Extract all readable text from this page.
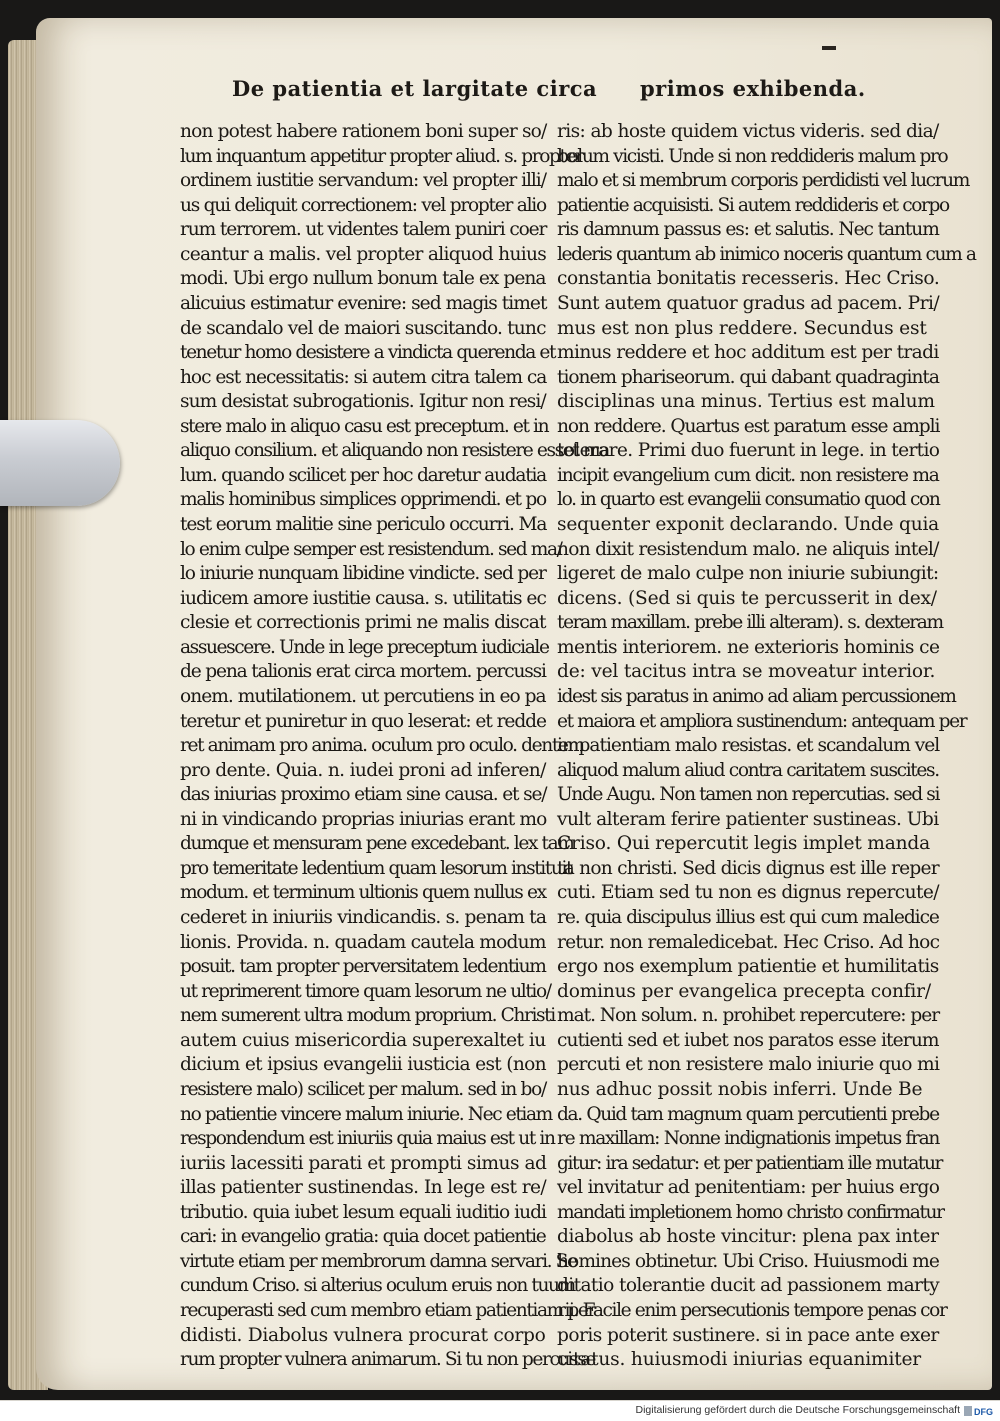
De patientia et largitate circa primos exhibenda.
non potest habere rationem boni super so/
lum inquantum appetitur propter aliud. s. propter
ordinem iustitie servandum: vel propter illi/
us qui deliquit correctionem: vel propter alio
rum terrorem. ut videntes talem puniri coer
ceantur a malis. vel propter aliquod huius
modi. Ubi ergo nullum bonum tale ex pena
alicuius estimatur evenire: sed magis timet
de scandalo vel de maiori suscitando. tunc
tenetur homo desistere a vindicta querenda et
hoc est necessitatis: si autem citra talem ca
sum desistat subrogationis. Igitur non resi/
stere malo in aliquo casu est preceptum. et in
aliquo consilium. et aliquando non resistere esset ma
lum. quando scilicet per hoc daretur audatia
malis hominibus simplices opprimendi. et po
test eorum malitie sine periculo occurri. Ma
lo enim culpe semper est resistendum. sed ma/
lo iniurie nunquam libidine vindicte. sed per
iudicem amore iustitie causa. s. utilitatis ec
clesie et correctionis primi ne malis discat
assuescere. Unde in lege preceptum iudiciale
de pena talionis erat circa mortem. percussi
onem. mutilationem. ut percutiens in eo pa
teretur et puniretur in quo leserat: et redde
ret animam pro anima. oculum pro oculo. dentem
pro dente. Quia. n. iudei proni ad inferen/
das iniurias proximo etiam sine causa. et se/
ni in vindicando proprias iniurias erant mo
dumque et mensuram pene excedebant. lex tam
pro temeritate ledentium quam lesorum instituit
modum. et terminum ultionis quem nullus ex
cederet in iniuriis vindicandis. s. penam ta
lionis. Provida. n. quadam cautela modum
posuit. tam propter perversitatem ledentium
ut reprimerent timore quam lesorum ne ultio/
nem sumerent ultra modum proprium. Christi
autem cuius misericordia superexaltet iu
dicium et ipsius evangelii iusticia est (non
resistere malo) scilicet per malum. sed in bo/
no patientie vincere malum iniurie. Nec etiam
respondendum est iniuriis quia maius est ut in
iuriis lacessiti parati et prompti simus ad
illas patienter sustinendas. In lege est re/
tributio. quia iubet lesum equali iuditio iudi
cari: in evangelio gratia: quia docet patientie
virtute etiam per membrorum damna servari. Se
cundum Criso. si alterius oculum eruis non tuum
recuperasti sed cum membro etiam patientiam per
didisti. Diabolus vulnera procurat corpo
rum propter vulnera animarum. Si tu non percusse
ris: ab hoste quidem victus videris. sed dia/
bolum vicisti. Unde si non reddideris malum pro
malo et si membrum corporis perdidisti vel lucrum
patientie acquisisti. Si autem reddideris et corpo
ris damnum passus es: et salutis. Nec tantum
lederis quantum ab inimico noceris quantum cum a
constantia bonitatis recesseris. Hec Criso.
Sunt autem quatuor gradus ad pacem. Pri/
mus est non plus reddere. Secundus est
minus reddere et hoc additum est per tradi
tionem phariseorum. qui dabant quadraginta
disciplinas una minus. Tertius est malum
non reddere. Quartus est paratum esse ampli
tolerare. Primi duo fuerunt in lege. in tertio
incipit evangelium cum dicit. non resistere ma
lo. in quarto est evangelii consumatio quod con
sequenter exponit declarando. Unde quia
non dixit resistendum malo. ne aliquis intel/
ligeret de malo culpe non iniurie subiungit:
dicens. (Sed si quis te percusserit in dex/
teram maxillam. prebe illi alteram). s. dexteram
mentis interiorem. ne exterioris hominis ce
de: vel tacitus intra se moveatur interior.
idest sis paratus in animo ad aliam percussionem
et maiora et ampliora sustinendum: antequam per
impatientiam malo resistas. et scandalum vel
aliquod malum aliud contra caritatem suscites.
Unde Augu. Non tamen non repercutias. sed si
vult alteram ferire patienter sustineas. Ubi
Criso. Qui repercutit legis implet manda
ta non christi. Sed dicis dignus est ille reper
cuti. Etiam sed tu non es dignus repercute/
re. quia discipulus illius est qui cum maledice
retur. non remaledicebat. Hec Criso. Ad hoc
ergo nos exemplum patientie et humilitatis
dominus per evangelica precepta confir/
mat. Non solum. n. prohibet repercutere: per
cutienti sed et iubet nos paratos esse iterum
percuti et non resistere malo iniurie quo mi
nus adhuc possit nobis inferri. Unde Be
da. Quid tam magnum quam percutienti prebe
re maxillam: Nonne indignationis impetus fran
gitur: ira sedatur: et per patientiam ille mutatur
vel invitatur ad penitentiam: per huius ergo
mandati impletionem homo christo confirmatur
diabolus ab hoste vincitur: plena pax inter
homines obtinetur. Ubi Criso. Huiusmodi me
ditatio tolerantie ducit ad passionem marty
rii. Facile enim persecutionis tempore penas cor
poris poterit sustinere. si in pace ante exer
citatus. huiusmodi iniurias equanimiter
Digitalisierung gefördert durch die Deutsche Forschungsgemeinschaft DFG
